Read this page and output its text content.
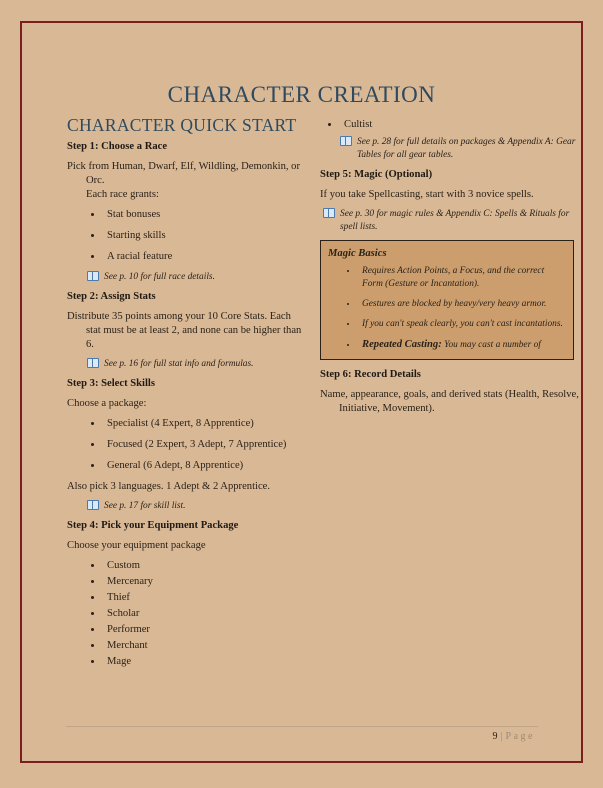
CHARACTER CREATION
CHARACTER QUICK START
Step 1: Choose a Race

Pick from Human, Dwarf, Elf, Wildling, Demonkin, or Orc.
Each race grants:

• Stat bonuses
• Starting skills
• A racial feature

See p. 10 for full race details.

Step 2: Assign Stats

Distribute 35 points among your 10 Core Stats. Each stat must be at least 2, and none can be higher than 6.

See p. 16 for full stat info and formulas.

Step 3: Select Skills

Choose a package:

• Specialist (4 Expert, 8 Apprentice)
• Focused (2 Expert, 3 Adept, 7 Apprentice)
• General (6 Adept, 8 Apprentice)

Also pick 3 languages. 1 Adept & 2 Apprentice.

See p. 17 for skill list.

Step 4: Pick your Equipment Package

Choose your equipment package

• Custom
• Mercenary
• Thief
• Scholar
• Performer
• Merchant
• Mage
• Cultist

See p. 28 for full details on packages & Appendix A: Gear Tables for all gear tables.

Step 5: Magic (Optional)

If you take Spellcasting, start with 3 novice spells.

See p. 30 for magic rules & Appendix C: Spells & Rituals for spell lists.

Magic Basics
• Requires Action Points, a Focus, and the correct Form (Gesture or Incantation).
• Gestures are blocked by heavy/very heavy armor.
• If you can't speak clearly, you can't cast incantations.
• Repeated Casting: You may cast a number of
Step 6: Record Details

Name, appearance, goals, and derived stats (Health, Resolve, Initiative, Movement).

9 | Page
